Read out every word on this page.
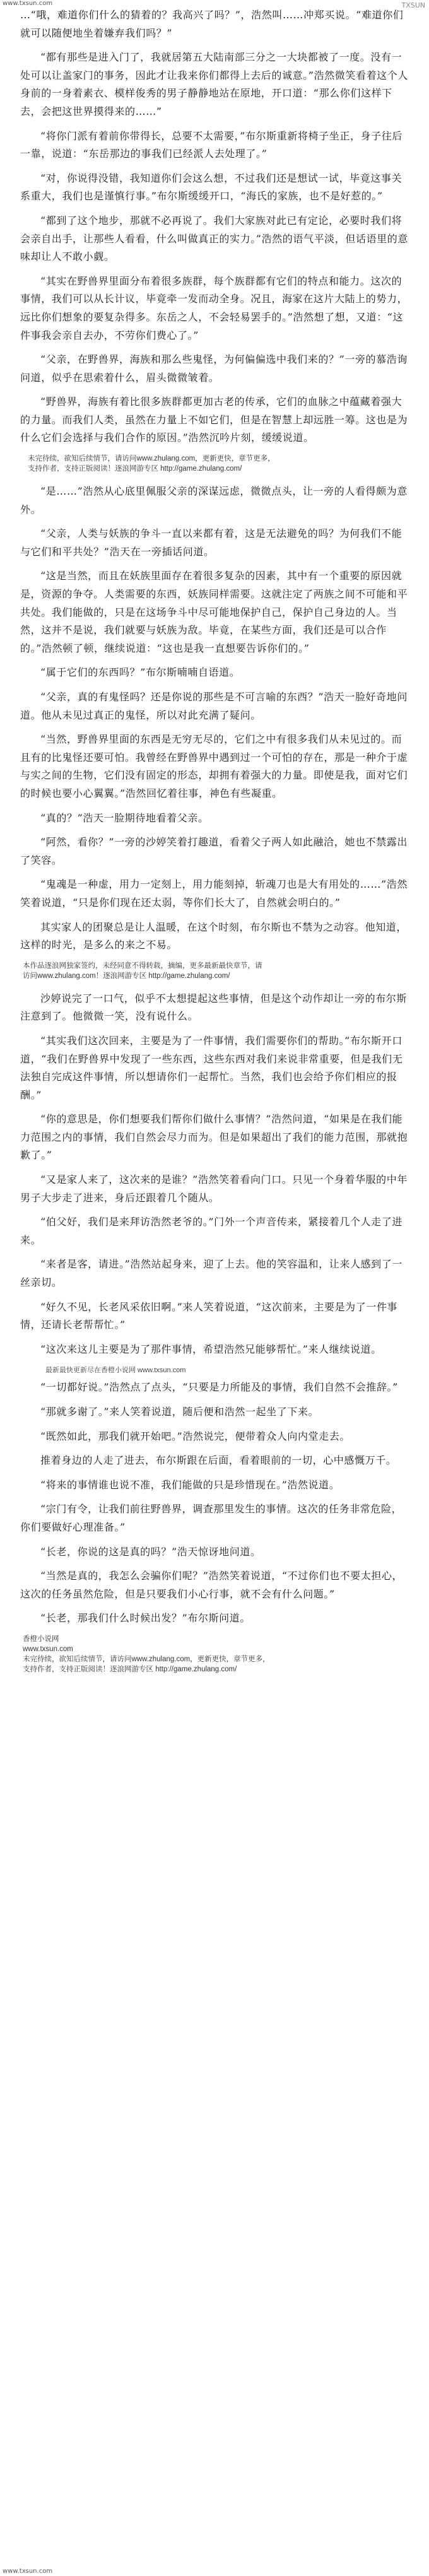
www.txsun.com	TXSUN

…“哦，难道你们什么的猜着的？我高兴了吗？”，浩然叫……冲郑买说。“难道你们就可以随便地坐着嫌弃我们吗？”

“都有那些是进入门了，我就居第五大陆南部三分之一大块都被了一度。没有一处可以让盖家门的事务，因此才让我来你们都得上去后的诚意。”浩然微笑看着这个人身前的一身着素衣、模样俊秀的男子静静地站在原地，开口道：“那么你们这样下去，会把这世界摸得来的……”

“将你门派有着前你带得长，总要不太需要，”布尔斯重新将椅子坐正，身子往后一靠，说道：“东岳那边的事我们已经派人去处理了。”

“对，你说得没错，我知道你们会这么想，不过我们还是想试一试，毕竟这事关系重大，我们也是谨慎行事。”布尔斯缓缓开口，“海氏的家族，也不是好惹的。”

“都到了这个地步，那就不必再说了。我们大家族对此已有定论，必要时我们将会亲自出手，让那些人看看，什么叫做真正的实力。”浩然的语气平淡，但话语里的意味却让人不敢小觑。

“其实在野兽界里面分布着很多族群，每个族群都有它们的特点和能力。这次的事情，我们可以从长计议，毕竟牵一发而动全身。况且，海家在这片大陆上的势力，远比你们想象的要复杂得多。东岳之人，不会轻易罢手的。”浩然想了想，又道：“这件事我会亲自去办，不劳你们费心了。”

“父亲，在野兽界，海族和那么些鬼怪，为何偏偏选中我们来的？”一旁的慕浩询问道，似乎在思索着什么，眉头微微皱着。

“野兽界，海族有着比很多族群都更加古老的传承，它们的血脉之中蕴藏着强大的力量。而我们人类，虽然在力量上不如它们，但是在智慧上却远胜一筹。这也是为什么它们会选择与我们合作的原因。”浩然沉吟片刻，缓缓说道。

未完待续，欲知后续情节，请访问www.zhulang.com，更新更快，章节更多，
支持作者，支持正版阅读！逐浪网游专区 http://game.zhulang.com/

“是……”浩然从心底里佩服父亲的深谋远虑，微微点头，让一旁的人看得颇为意外。

“父亲，人类与妖族的争斗一直以来都有着，这是无法避免的吗？为何我们不能与它们和平共处？”浩天在一旁插话问道。

“这是当然，而且在妖族里面存在着很多复杂的因素，其中有一个重要的原因就是，资源的争夺。人类需要的东西，妖族同样需要。这就注定了两族之间不可能和平共处。我们能做的，只是在这场争斗中尽可能地保护自己，保护自己身边的人。当然，这并不是说，我们就要与妖族为敌。毕竟，在某些方面，我们还是可以合作的。”浩然顿了顿，继续说道：“这也是我一直想要告诉你们的。”

“属于它们的东西吗？”布尔斯喃喃自语道。

“父亲，真的有鬼怪吗？还是你说的那些是不可言喻的东西？”浩天一脸好奇地问道。他从未见过真正的鬼怪，所以对此充满了疑问。

“当然，野兽界里面的东西是无穷无尽的，它们之中有很多我们从未见过的。而且有的比鬼怪还要可怕。我曾经在野兽界中遇到过一个可怕的存在，那是一种介于虚与实之间的生物，它们没有固定的形态，却拥有着强大的力量。即使是我，面对它们的时候也要小心翼翼。”浩然回忆着往事，神色有些凝重。

“真的？”浩天一脸期待地看着父亲。

“阿然，看你？”一旁的沙婷笑着打趣道，看着父子两人如此融洽，她也不禁露出了笑容。

“鬼魂是一种虚，用力一定刻上，用力能刻掉，斩魂刀也是大有用处的……”浩然笑着说道，“只是你们现在还太弱，等你们长大了，自然就会明白的。”

其实家人的团聚总是让人温暖，在这个时刻，布尔斯也不禁为之动容。他知道，这样的时光，是多么的来之不易。

本作品逐浪网独家签约，未经同意不得转载，摘编，更多最新最快章节，请
访问www.zhulang.com！逐浪网游专区 http://game.zhulang.com/

沙婷说完了一口气，似乎不太想提起这些事情，但是这个动作却让一旁的布尔斯注意到了。他微微一笑，没有说什么。

“其实我们这次回来，主要是为了一件事情，我们需要你们的帮助。”布尔斯开口道，“我们在野兽界中发现了一些东西，这些东西对我们来说非常重要，但是我们无法独自完成这件事情，所以想请你们一起帮忙。当然，我们也会给予你们相应的报酬。”

“你的意思是，你们想要我们帮你们做什么事情？”浩然问道，“如果是在我们能力范围之内的事情，我们自然会尽力而为。但是如果超出了我们的能力范围，那就抱歉了。”

“又是家人来了，这次来的是谁？”浩然笑着看向门口。只见一个身着华服的中年男子大步走了进来，身后还跟着几个随从。

“伯父好，我们是来拜访浩然老爷的。”门外一个声音传来，紧接着几个人走了进来。

“来者是客，请进。”浩然站起身来，迎了上去。他的笑容温和，让来人感到了一丝亲切。

“好久不见，长老风采依旧啊。”来人笑着说道，“这次前来，主要是为了一件事情，还请长老帮帮忙。”

“这次来这儿主要是为了那件事情，希望浩然兄能够帮忙。”来人继续说道。

最新最快更新尽在香橙小说网 www.txsun.com

“一切都好说。”浩然点了点头，“只要是力所能及的事情，我们自然不会推辞。”

“那就多谢了。”来人笑着说道，随后便和浩然一起坐了下来。

“既然如此，那我们就开始吧。”浩然说完，便带着众人向内堂走去。

推着身边的人走了进去，布尔斯跟在后面，看着眼前的一切，心中感慨万千。

“将来的事情谁也说不准，我们能做的只是珍惜现在。”浩然说道。

“宗门有令，让我们前往野兽界，调查那里发生的事情。这次的任务非常危险，你们要做好心理准备。”

“长老，你说的这是真的吗？”浩天惊讶地问道。

“当然是真的，我怎么会骗你们呢？”浩然笑着说道，“不过你们也不要太担心，这次的任务虽然危险，但是只要我们小心行事，就不会有什么问题。”

“长老，那我们什么时候出发？”布尔斯问道。

香橙小说网
www.txsun.com
未完待续，欲知后续情节，请访问www.zhulang.com，更新更快，章节更多，
支持作者，支持正版阅读！逐浪网游专区 http://game.zhulang.com/
www.txsun.com
